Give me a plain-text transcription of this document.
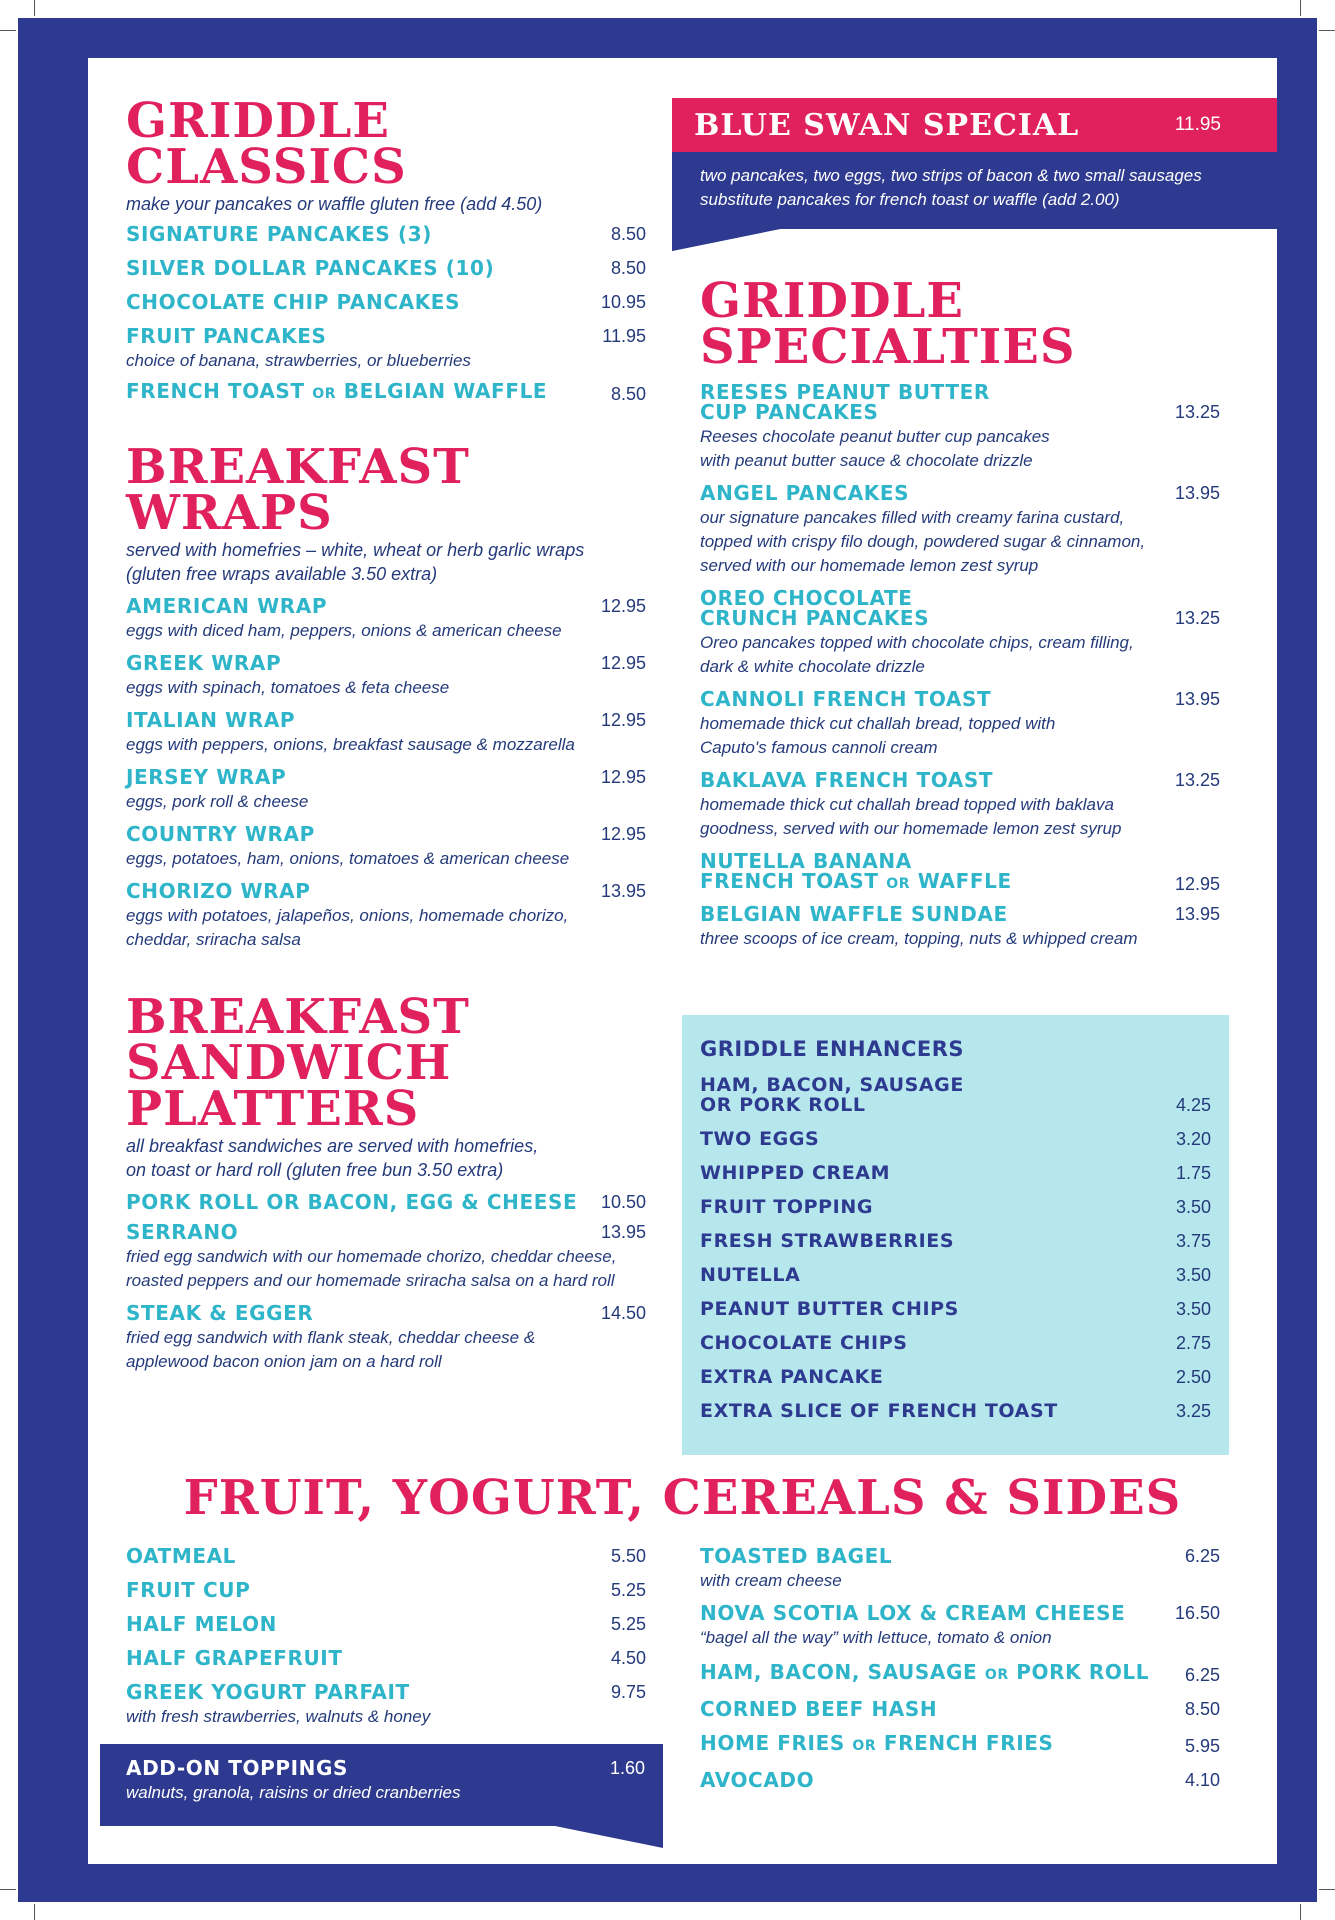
GRIDDLE CLASSICS
make your pancakes or waffle gluten free (add 4.50)
SIGNATURE PANCAKES (3)	8.50
SILVER DOLLAR PANCAKES (10)	8.50
CHOCOLATE CHIP PANCAKES	10.95
FRUIT PANCAKES	11.95
choice of banana, strawberries, or blueberries
FRENCH TOAST OR BELGIAN WAFFLE	8.50
BREAKFAST WRAPS
served with homefries – white, wheat or herb garlic wraps (gluten free wraps available 3.50 extra)
AMERICAN WRAP	12.95
eggs with diced ham, peppers, onions & american cheese
GREEK WRAP	12.95
eggs with spinach, tomatoes & feta cheese
ITALIAN WRAP	12.95
eggs with peppers, onions, breakfast sausage & mozzarella
JERSEY WRAP	12.95
eggs, pork roll & cheese
COUNTRY WRAP	12.95
eggs, potatoes, ham, onions, tomatoes & american cheese
CHORIZO WRAP	13.95
eggs with potatoes, jalapeños, onions, homemade chorizo, cheddar, sriracha salsa
BREAKFAST SANDWICH PLATTERS
all breakfast sandwiches are served with homefries, on toast or hard roll (gluten free bun 3.50 extra)
PORK ROLL OR BACON, EGG & CHEESE 10.50
SERRANO	13.95
fried egg sandwich with our homemade chorizo, cheddar cheese, roasted peppers and our homemade sriracha salsa on a hard roll
STEAK & EGGER	14.50
fried egg sandwich with flank steak, cheddar cheese & applewood bacon onion jam on a hard roll
BLUE SWAN SPECIAL	11.95
two pancakes, two eggs, two strips of bacon & two small sausages
substitute pancakes for french toast or waffle (add 2.00)
GRIDDLE SPECIALTIES
REESES PEANUT BUTTER
CUP PANCAKES	13.25
Reeses chocolate peanut butter cup pancakes with peanut butter sauce & chocolate drizzle
ANGEL PANCAKES	13.95
our signature pancakes filled with creamy farina custard, topped with crispy filo dough, powdered sugar & cinnamon, served with our homemade lemon zest syrup
OREO CHOCOLATE
CRUNCH PANCAKES	13.25
Oreo pancakes topped with chocolate chips, cream filling, dark & white chocolate drizzle
CANNOLI FRENCH TOAST	13.95
homemade thick cut challah bread, topped with Caputo's famous cannoli cream
BAKLAVA FRENCH TOAST	13.25
homemade thick cut challah bread topped with baklava goodness, served with our homemade lemon zest syrup
NUTELLA BANANA
FRENCH TOAST OR WAFFLE	12.95
BELGIAN WAFFLE SUNDAE	13.95
three scoops of ice cream, topping, nuts & whipped cream
GRIDDLE ENHANCERS
HAM, BACON, SAUSAGE
OR PORK ROLL	4.25
TWO EGGS	3.20
WHIPPED CREAM	1.75
FRUIT TOPPING	3.50
FRESH STRAWBERRIES	3.75
NUTELLA	3.50
PEANUT BUTTER CHIPS	3.50
CHOCOLATE CHIPS	2.75
EXTRA PANCAKE	2.50
EXTRA SLICE OF FRENCH TOAST	3.25
FRUIT, YOGURT, CEREALS & SIDES
OATMEAL	5.50
FRUIT CUP	5.25
HALF MELON	5.25
HALF GRAPEFRUIT	4.50
GREEK YOGURT PARFAIT	9.75
with fresh strawberries, walnuts & honey
ADD-ON TOPPINGS	1.60
walnuts, granola, raisins or dried cranberries
TOASTED BAGEL	6.25
with cream cheese
NOVA SCOTIA LOX & CREAM CHEESE	16.50
“bagel all the way” with lettuce, tomato & onion
HAM, BACON, SAUSAGE OR PORK ROLL 6.25
CORNED BEEF HASH	8.50
HOME FRIES OR FRENCH FRIES	5.95
AVOCADO	4.10
